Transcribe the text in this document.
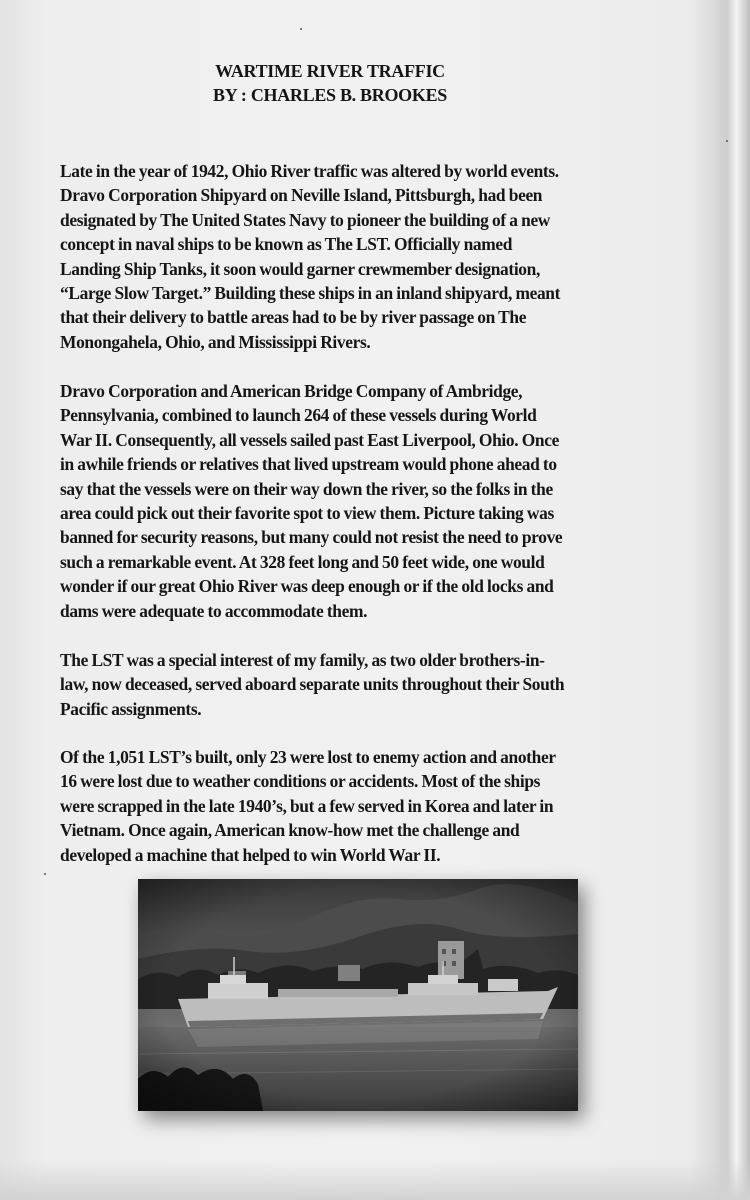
WARTIME RIVER TRAFFIC
BY : CHARLES B. BROOKES
Late in the year of 1942, Ohio River traffic was altered by world events.
Dravo Corporation Shipyard on Neville Island, Pittsburgh, had been
designated by The United States Navy to pioneer the building of a new
concept in naval ships to be known as The LST. Officially named
Landing Ship Tanks, it soon would garner crewmember designation,
“Large Slow Target.” Building these ships in an inland shipyard, meant
that their delivery to battle areas had to be by river passage on The
Monongahela, Ohio, and Mississippi Rivers.
Dravo Corporation and American Bridge Company of Ambridge,
Pennsylvania, combined to launch 264 of these vessels during World
War II. Consequently, all vessels sailed past East Liverpool, Ohio. Once
in awhile friends or relatives that lived upstream would phone ahead to
say that the vessels were on their way down the river, so the folks in the
area could pick out their favorite spot to view them. Picture taking was
banned for security reasons, but many could not resist the need to prove
such a remarkable event. At 328 feet long and 50 feet wide, one would
wonder if our great Ohio River was deep enough or if the old locks and
dams were adequate to accommodate them.
The LST was a special interest of my family, as two older brothers-in-
law, now deceased, served aboard separate units throughout their South
Pacific assignments.
Of the 1,051 LST’s built, only 23 were lost to enemy action and another
16 were lost due to weather conditions or accidents. Most of the ships
were scrapped in the late 1940’s, but a few served in Korea and later in
Vietnam. Once again, American know-how met the challenge and
developed a machine that helped to win World War II.
